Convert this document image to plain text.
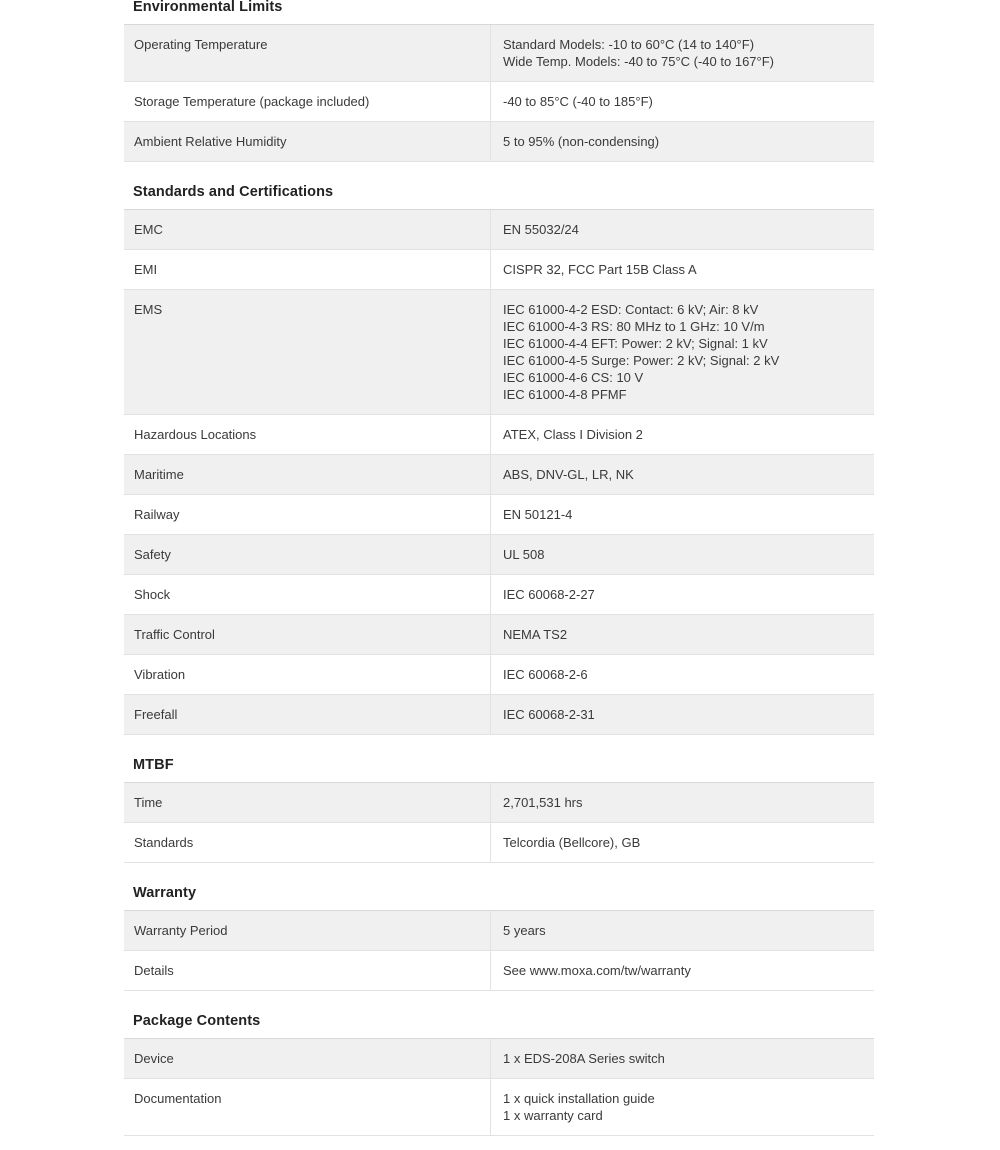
Environmental Limits
Operating Temperature	Standard Models: -10 to 60°C (14 to 140°F)
Wide Temp. Models: -40 to 75°C (-40 to 167°F)

Storage Temperature (package included)	-40 to 85°C (-40 to 185°F)

Ambient Relative Humidity	5 to 95% (non-condensing)
Standards and Certifications
EMC	EN 55032/24

EMI	CISPR 32, FCC Part 15B Class A

EMS	IEC 61000-4-2 ESD: Contact: 6 kV; Air: 8 kV
IEC 61000-4-3 RS: 80 MHz to 1 GHz: 10 V/m
IEC 61000-4-4 EFT: Power: 2 kV; Signal: 1 kV
IEC 61000-4-5 Surge: Power: 2 kV; Signal: 2 kV
IEC 61000-4-6 CS: 10 V
IEC 61000-4-8 PFMF

Hazardous Locations	ATEX, Class I Division 2

Maritime	ABS, DNV-GL, LR, NK

Railway	EN 50121-4

Safety	UL 508

Shock	IEC 60068-2-27

Traffic Control	NEMA TS2

Vibration	IEC 60068-2-6

Freefall	IEC 60068-2-31
MTBF
Time	2,701,531 hrs

Standards	Telcordia (Bellcore), GB
Warranty
Warranty Period	5 years

Details	See www.moxa.com/tw/warranty
Package Contents
Device	1 x EDS-208A Series switch

Documentation	1 x quick installation guide
1 x warranty card
